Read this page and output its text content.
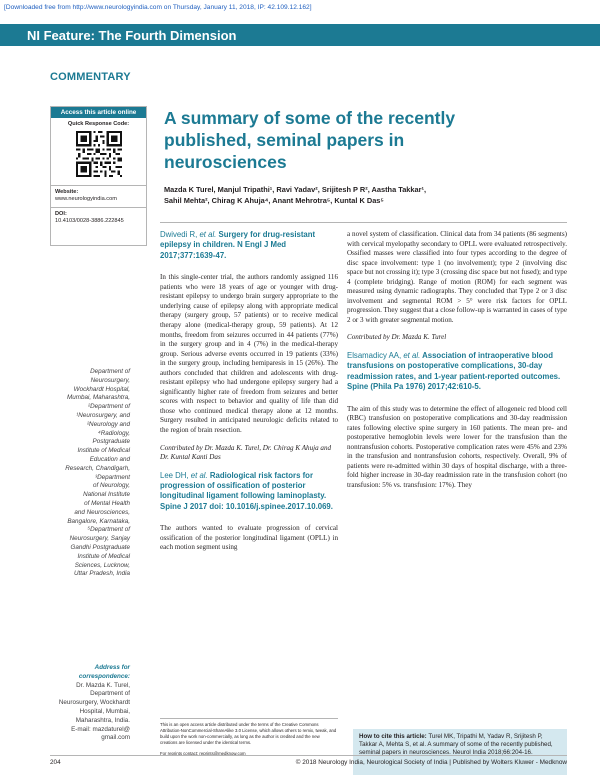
[Downloaded free from http://www.neurologyindia.com on Thursday, January 11, 2018, IP: 42.109.12.162]
NI Feature: The Fourth Dimension
COMMENTARY
Access this article online
Quick Response Code:
Website:
www.neurologyindia.com
DOI:
10.4103/0028-3886.222845
Department of
Neurosurgery,
Wockhardt Hospital,
Mumbai, Maharashtra,
²Department of
¹Neurosurgery, and
²Neurology and
⁴Radiology,
Postgraduate
Institute of Medical
Education and
Research, Chandigarh,
³Department
of Neurology,
National Institute
of Mental Health
and Neurosciences,
Bangalore, Karnataka,
⁵Department of
Neurosurgery, Sanjay
Gandhi Postgraduate
Institute of Medical
Sciences, Lucknow,
Uttar Pradesh, India
Address for
correspondence:
Dr. Mazda K. Turel,
Department of
Neurosurgery, Wockhardt
Hospital, Mumbai,
Maharashtra, India.
E-mail: mazdaturel@
gmail.com
A summary of some of the recently published, seminal papers in neurosciences
Mazda K Turel, Manjul Tripathi¹, Ravi Yadav², Srijitesh P R², Aastha Takkar¹,
Sahil Mehta², Chirag K Ahuja⁴, Anant Mehrotra⁵, Kuntal K Das⁵
Dwivedi R, et al. Surgery for drug-resistant epilepsy in children. N Engl J Med 2017;377:1639-47.

In this single-center trial, the authors randomly assigned 116 patients who were 18 years of age or younger with drug-resistant epilepsy to undergo brain surgery appropriate to the underlying cause of epilepsy along with appropriate medical therapy (surgery group, 57 patients) or to receive medical therapy alone (medical-therapy group, 59 patients). At 12 months, freedom from seizures occurred in 44 patients (77%) in the surgery group and in 4 (7%) in the medical-therapy group. Serious adverse events occurred in 19 patients (33%) in the surgery group, including hemiparesis in 15 (26%). The authors concluded that children and adolescents with drug-resistant epilepsy who had undergone epilepsy surgery had a significantly higher rate of freedom from seizures and better scores with respect to behavior and quality of life than did those who continued medical therapy alone at 12 months. Surgery resulted in anticipated neurologic deficits related to the region of brain resection.

Contributed by Dr. Mazda K. Turel, Dr. Chirag K Ahuja and Dr. Kuntal Kanti Das

Lee DH, et al. Radiological risk factors for progression of ossification of posterior longitudinal ligament following laminoplasty. Spine J 2017 doi: 10.1016/j.spinee.2017.10.069.

The authors wanted to evaluate progression of cervical ossification of the posterior longitudinal ligament (OPLL) in each motion segment using

a novel system of classification. Clinical data from 34 patients (86 segments) with cervical myelopathy secondary to OPLL were evaluated retrospectively. Ossified masses were classified into four types according to the degree of disc space involvement: type 1 (no involvement); type 2 (involving disc space but not crossing it); type 3 (crossing disc space but not fused); and type 4 (complete bridging). Range of motion (ROM) for each segment was measured using dynamic radiographs. They concluded that Type 2 or 3 disc involvement and segmental ROM > 5° were risk factors for OPLL progression. They suggest that a close follow-up is warranted in cases of type 2 or 3 with greater segmental motion.

Contributed by Dr. Mazda K. Turel

Elsamadicy AA, et al. Association of intraoperative blood transfusions on postoperative complications, 30-day readmission rates, and 1-year patient-reported outcomes. Spine (Phila Pa 1976) 2017;42:610-5.

The aim of this study was to determine the effect of allogeneic red blood cell (RBC) transfusion on postoperative complications and 30-day readmission rates following elective spine surgery in 160 patients. The mean pre- and postoperative hemoglobin levels were lower for the transfusion than the nontransfusion cohorts. Postoperative complication rates were 45% and 23% in the transfusion and nontransfusion cohorts, respectively. Overall, 9% of patients were re-admitted within 30 days of hospital discharge, with a three-fold higher increase in 30-day readmission rate in the transfusion cohort (no transfusion: 5% vs. transfusion: 17%). They

This is an open access article distributed under the terms of the Creative Commons Attribution-NonCommercial-ShareAlike 3.0 License, which allows others to remix, tweak, and build upon the work non-commercially, as long as the author is credited and the new creations are licensed under the identical terms.
For reprints contact: reprints@medknow.com
How to cite this article: Turel MK, Tripathi M, Yadav R, Srijitesh P, Takkar A, Mehta S, et al. A summary of some of the recently published, seminal papers in neurosciences. Neurol India 2018;66:204-16.
204	© 2018 Neurology India, Neurological Society of India | Published by Wolters Kluwer - Medknow
